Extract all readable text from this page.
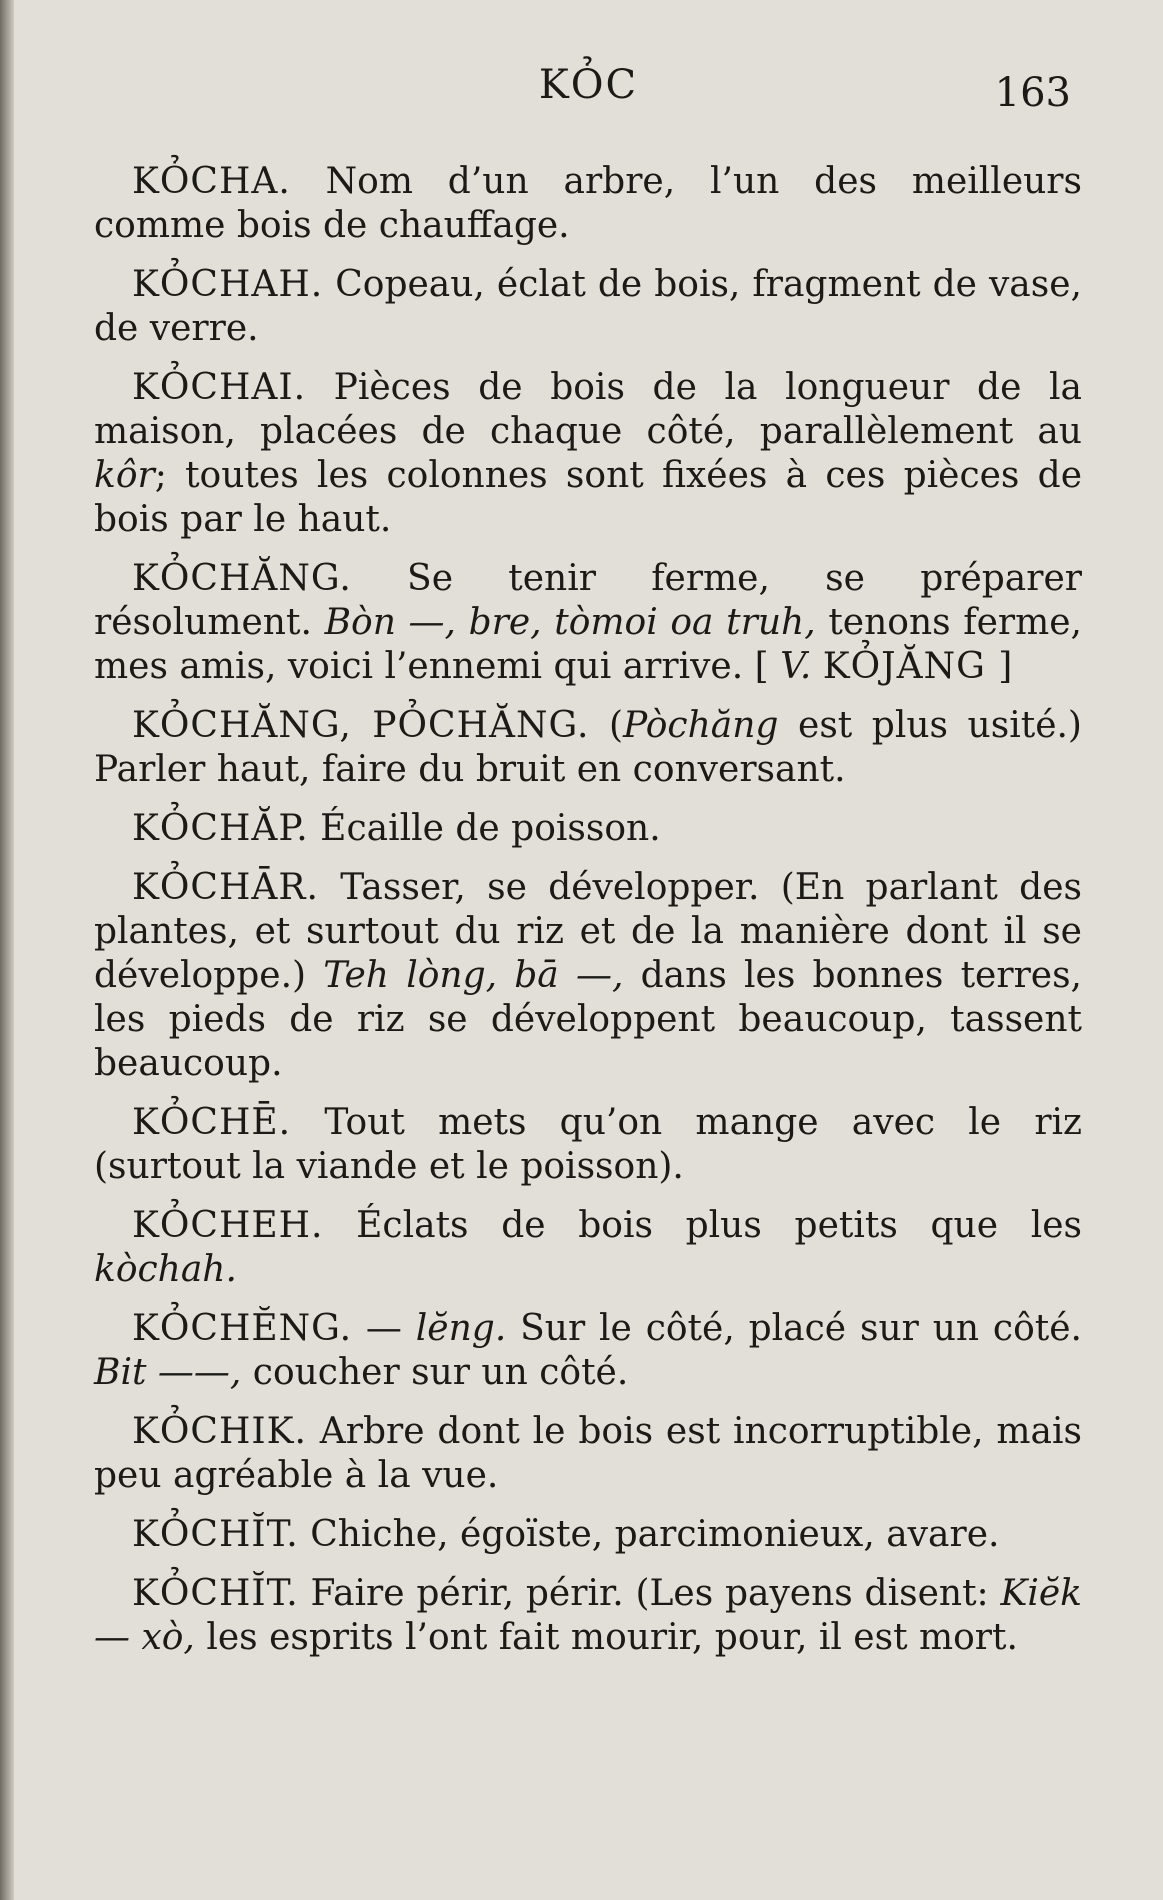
KỎC	163

KỎCHA. Nom d’un arbre, l’un des meilleurs comme bois de chauffage.

KỎCHAH. Copeau, éclat de bois, fragment de vase, de verre.

KỎCHAI. Pièces de bois de la longueur de la maison, placées de chaque côté, parallèlement au kôr; toutes les colonnes sont fixées à ces pièces de bois par le haut.

KỎCHĂNG. Se tenir ferme, se préparer résolument. Bòn —, bre, tòmoi oa truh, tenons ferme, mes amis, voici l’ennemi qui arrive. [ V. KỎJĂNG ]

KỎCHĂNG, PỎCHĂNG. (Pòchăng est plus usité.) Parler haut, faire du bruit en conversant.

KỎCHĂP. Écaille de poisson.

KỎCHĀR. Tasser, se développer. (En parlant des plantes, et surtout du riz et de la manière dont il se développe.) Teh lòng, bā —, dans les bonnes terres, les pieds de riz se développent beaucoup, tassent beaucoup.

KỎCHĒ. Tout mets qu’on mange avec le riz (surtout la viande et le poisson).

KỎCHEH. Éclats de bois plus petits que les kòchah.

KỎCHĔNG. — lĕng. Sur le côté, placé sur un côté. Bit ——, coucher sur un côté.

KỎCHIK. Arbre dont le bois est incorruptible, mais peu agréable à la vue.

KỎCHĬT. Chiche, égoïste, parcimonieux, avare.

KỎCHĬT. Faire périr, périr. (Les payens disent: Kiĕk — xò, les esprits l’ont fait mourir, pour, il est mort.
